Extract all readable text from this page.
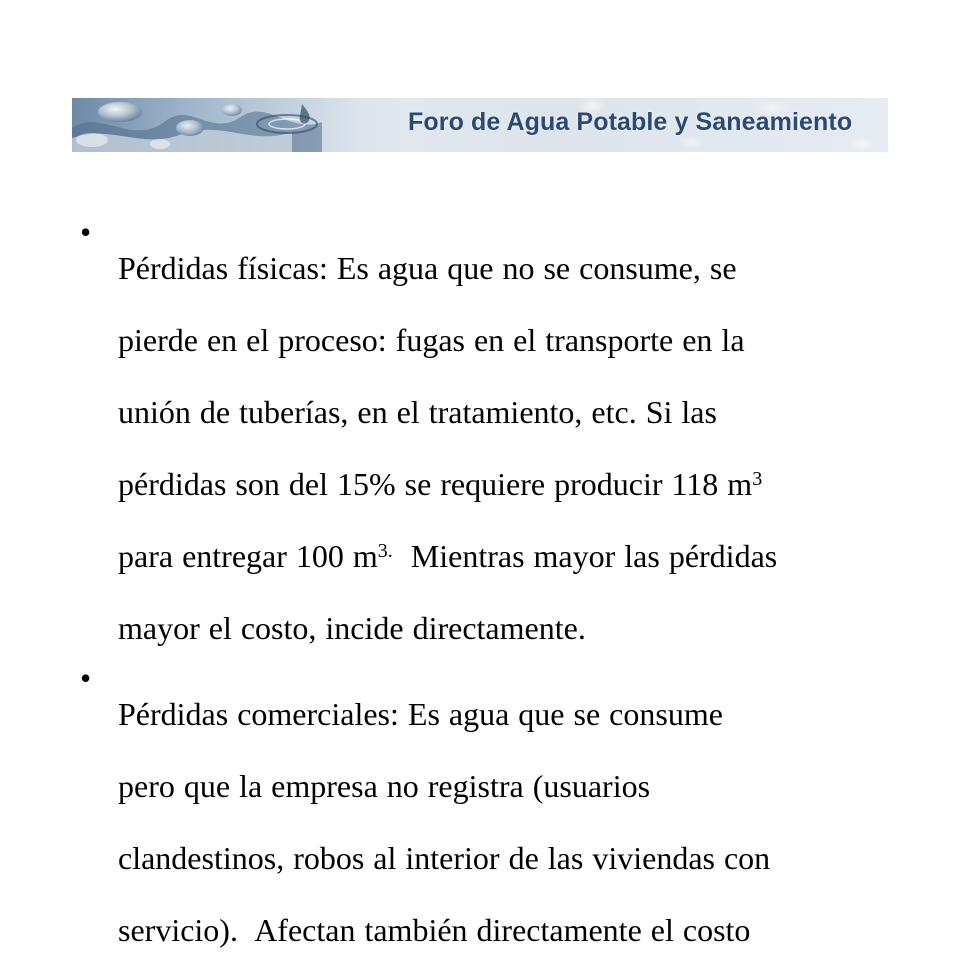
Foro de Agua Potable y Saneamiento
•

Pérdidas físicas: Es agua que no se consume, se

pierde en el proceso: fugas en el transporte en la

unión de tuberías, en el tratamiento, etc. Si las

pérdidas son del 15% se requiere producir 118 $m^3$

para entregar 100 $m^{3.}$  Mientras mayor las pérdidas

mayor el costo, incide directamente.

•

Pérdidas comerciales: Es agua que se consume

pero que la empresa no registra (usuarios

clandestinos, robos al interior de las viviendas con

servicio).  Afectan también directamente el costo
